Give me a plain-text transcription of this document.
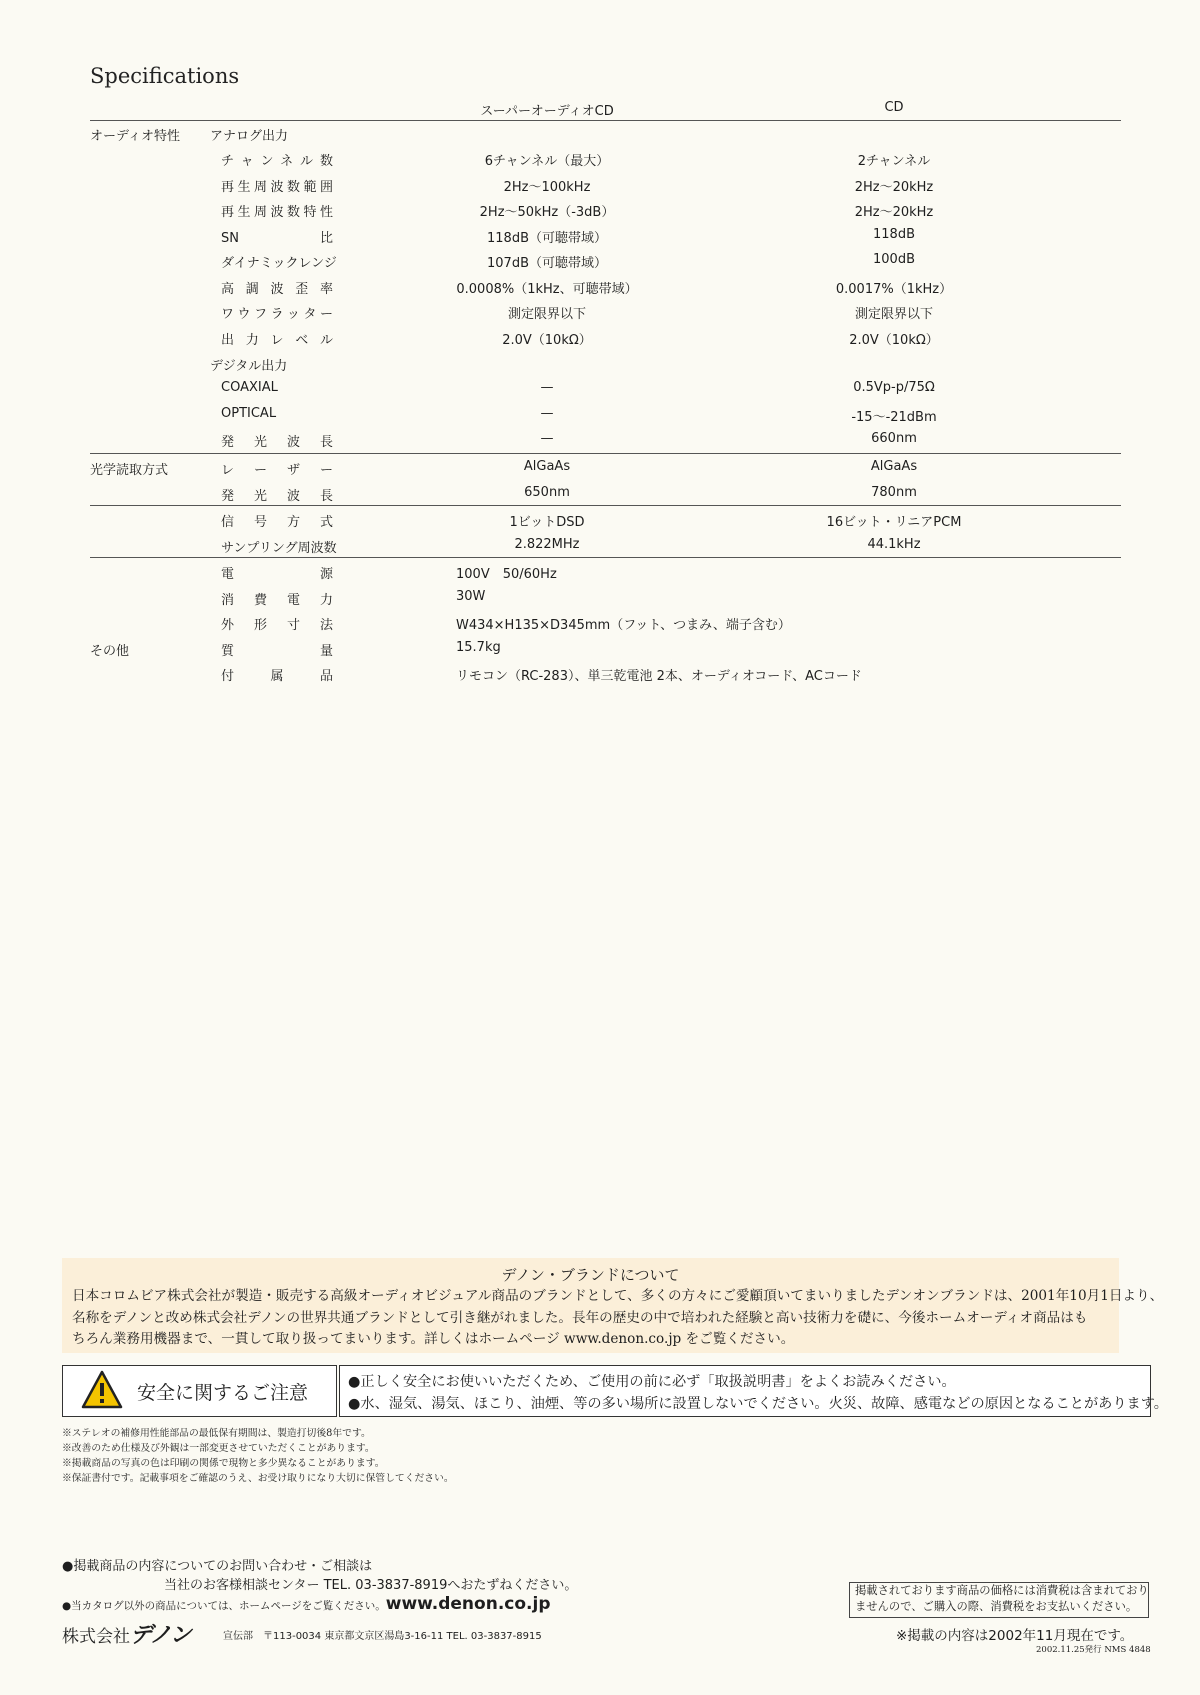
Specifications
スーパーオーディオCD	CD
オーディオ特性 アナログ出力
チャンネル数	6チャンネル（最大）	2チャンネル
再生周波数範囲	2Hz～100kHz	2Hz～20kHz
再生周波数特性	2Hz～50kHz（-3dB）	2Hz～20kHz
SN比	118dB（可聴帯域）	118dB
ダイナミックレンジ	107dB（可聴帯域）	100dB
高調波歪率	0.0008%（1kHz、可聴帯域）	0.0017%（1kHz）
ワウフラッター	測定限界以下	測定限界以下
出力レベル	2.0V（10kΩ）	2.0V（10kΩ）
デジタル出力
COAXIAL	—	0.5Vp-p/75Ω
OPTICAL	—	-15～-21dBm
発光波長	—	660nm
光学読取方式	レーザー	AlGaAs	AlGaAs
発光波長	650nm	780nm
信号方式	1ビットDSD	16ビット・リニアPCM
サンプリング周波数	2.822MHz	44.1kHz
電源	100V　50/60Hz
消費電力	30W
外形寸法	W434×H135×D345mm（フット、つまみ、端子含む）
その他	質量	15.7kg
付属品	リモコン（RC-283）、単三乾電池 2本、オーディオコード、ACコード
デノン・ブランドについて
日本コロムビア株式会社が製造・販売する高級オーディオビジュアル商品のブランドとして、多くの方々にご愛顧頂いてまいりましたデンオンブランドは、2001年10月1日より、
名称をデノンと改め株式会社デノンの世界共通ブランドとして引き継がれました。長年の歴史の中で培われた経験と高い技術力を礎に、今後ホームオーディオ商品はも
ちろん業務用機器まで、一貫して取り扱ってまいります。詳しくはホームページ www.denon.co.jp をご覧ください。
安全に関するご注意	●正しく安全にお使いいただくため、ご使用の前に必ず「取扱説明書」をよくお読みください。
●水、湿気、湯気、ほこり、油煙、等の多い場所に設置しないでください。火災、故障、感電などの原因となることがあります。
※ステレオの補修用性能部品の最低保有期間は、製造打切後8年です。
※改善のため仕様及び外観は一部変更させていただくことがあります。
※掲載商品の写真の色は印刷の関係で現物と多少異なることがあります。
※保証書付です。記載事項をご確認のうえ、お受け取りになり大切に保管してください。
●掲載商品の内容についてのお問い合わせ・ご相談は
当社のお客様相談センター TEL. 03-3837-8919へおたずねください。
●当カタログ以外の商品については、ホームページをご覧ください。www.denon.co.jp
株式会社デノン	宣伝部　〒113-0034 東京都文京区湯島3-16-11 TEL. 03-3837-8915
掲載されております商品の価格には消費税は含まれており
ませんので、ご購入の際、消費税をお支払いください。
※掲載の内容は2002年11月現在です。
2002.11.25発行 NMS 4848
